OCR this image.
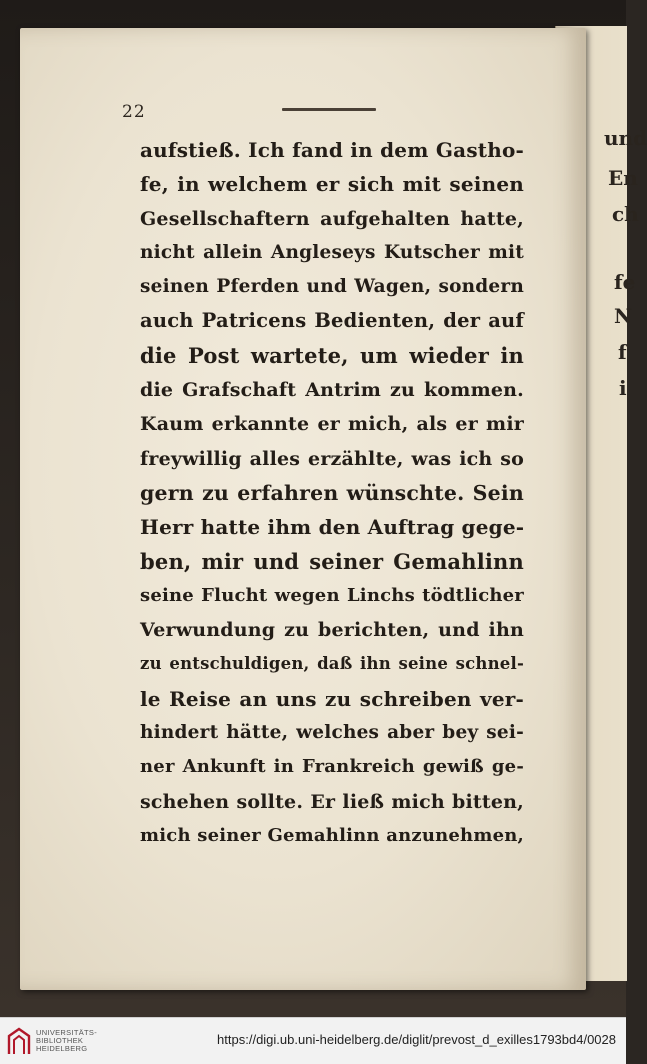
und
En
ch
fe
N
f
i
22
aufstieß. Ich fand in dem Gastho-
fe, in welchem er sich mit seinen
Gesellschaftern aufgehalten hatte,
nicht allein Angleseys Kutscher mit
seinen Pferden und Wagen, sondern
auch Patricens Bedienten, der auf
die Post wartete, um wieder in
die Grafschaft Antrim zu kommen.
Kaum erkannte er mich, als er mir
freywillig alles erzählte, was ich so
gern zu erfahren wünschte. Sein
Herr hatte ihm den Auftrag gege-
ben, mir und seiner Gemahlinn
seine Flucht wegen Linchs tödtlicher
Verwundung zu berichten, und ihn
zu entschuldigen, daß ihn seine schnel-
le Reise an uns zu schreiben ver-
hindert hätte, welches aber bey sei-
ner Ankunft in Frankreich gewiß ge-
schehen sollte. Er ließ mich bitten,
mich seiner Gemahlinn anzunehmen,
UNIVERSITÄTS-
BIBLIOTHEK
HEIDELBERG
https://digi.ub.uni-heidelberg.de/diglit/prevost_d_exilles1793bd4/0028
